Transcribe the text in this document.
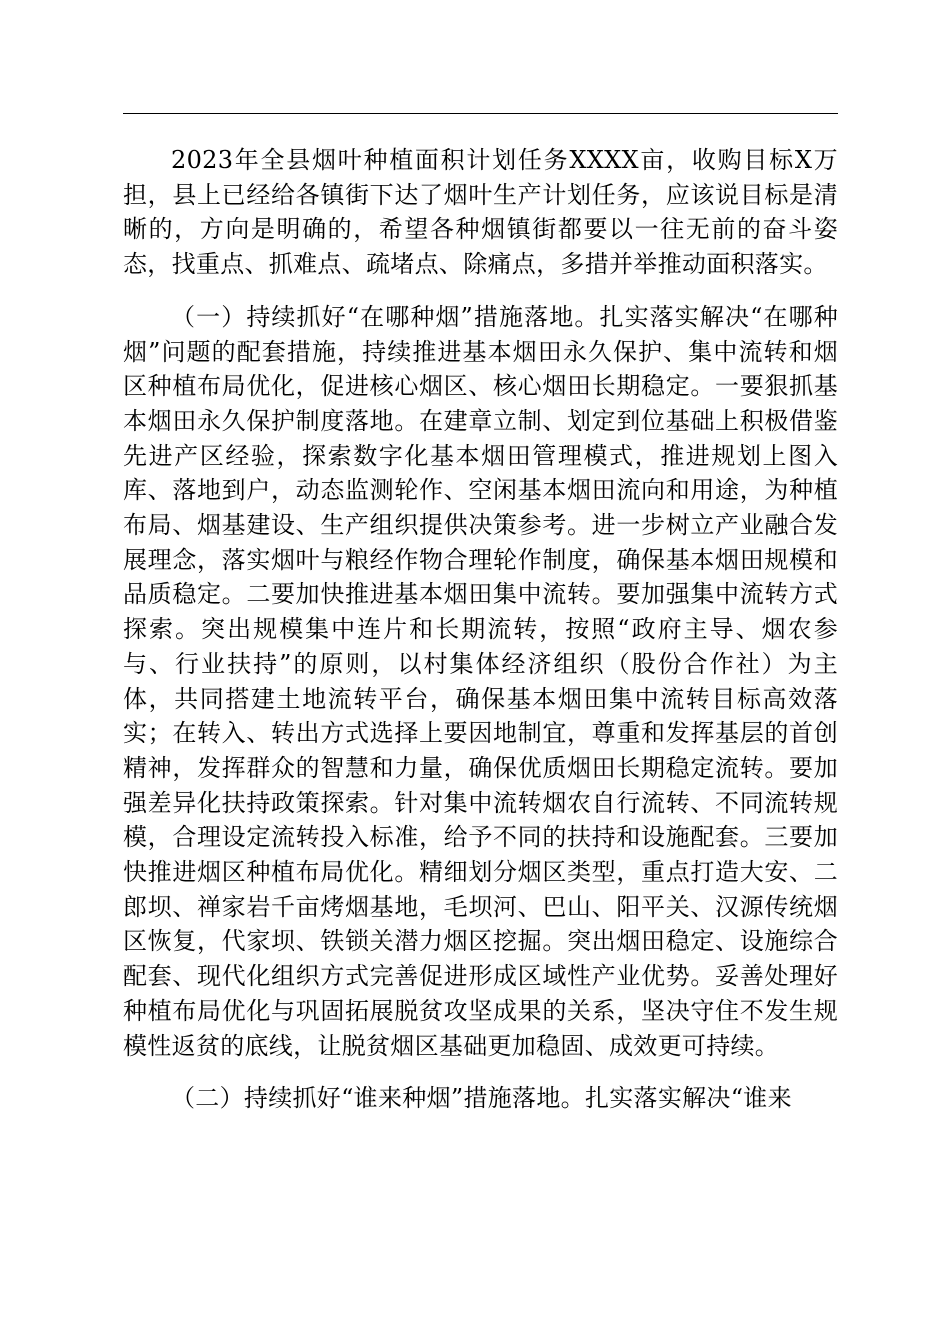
2023年全县烟叶种植面积计划任务XXXX亩，收购目标X万担，县上已经给各镇街下达了烟叶生产计划任务，应该说目标是清晰的，方向是明确的，希望各种烟镇街都要以一往无前的奋斗姿态，找重点、抓难点、疏堵点、除痛点，多措并举推动面积落实。

（一）持续抓好“在哪种烟”措施落地。扎实落实解决“在哪种烟”问题的配套措施，持续推进基本烟田永久保护、集中流转和烟区种植布局优化，促进核心烟区、核心烟田长期稳定。一要狠抓基本烟田永久保护制度落地。在建章立制、划定到位基础上积极借鉴先进产区经验，探索数字化基本烟田管理模式，推进规划上图入库、落地到户，动态监测轮作、空闲基本烟田流向和用途，为种植布局、烟基建设、生产组织提供决策参考。进一步树立产业融合发展理念，落实烟叶与粮经作物合理轮作制度，确保基本烟田规模和品质稳定。二要加快推进基本烟田集中流转。要加强集中流转方式探索。突出规模集中连片和长期流转，按照“政府主导、烟农参与、行业扶持”的原则，以村集体经济组织（股份合作社）为主体，共同搭建土地流转平台，确保基本烟田集中流转目标高效落实；在转入、转出方式选择上要因地制宜，尊重和发挥基层的首创精神，发挥群众的智慧和力量，确保优质烟田长期稳定流转。要加强差异化扶持政策探索。针对集中流转烟农自行流转、不同流转规模，合理设定流转投入标准，给予不同的扶持和设施配套。三要加快推进烟区种植布局优化。精细划分烟区类型，重点打造大安、二郎坝、禅家岩千亩烤烟基地，毛坝河、巴山、阳平关、汉源传统烟区恢复，代家坝、铁锁关潜力烟区挖掘。突出烟田稳定、设施综合配套、现代化组织方式完善促进形成区域性产业优势。妥善处理好种植布局优化与巩固拓展脱贫攻坚成果的关系，坚决守住不发生规模性返贫的底线，让脱贫烟区基础更加稳固、成效更可持续。

（二）持续抓好“谁来种烟”措施落地。扎实落实解决“谁来
